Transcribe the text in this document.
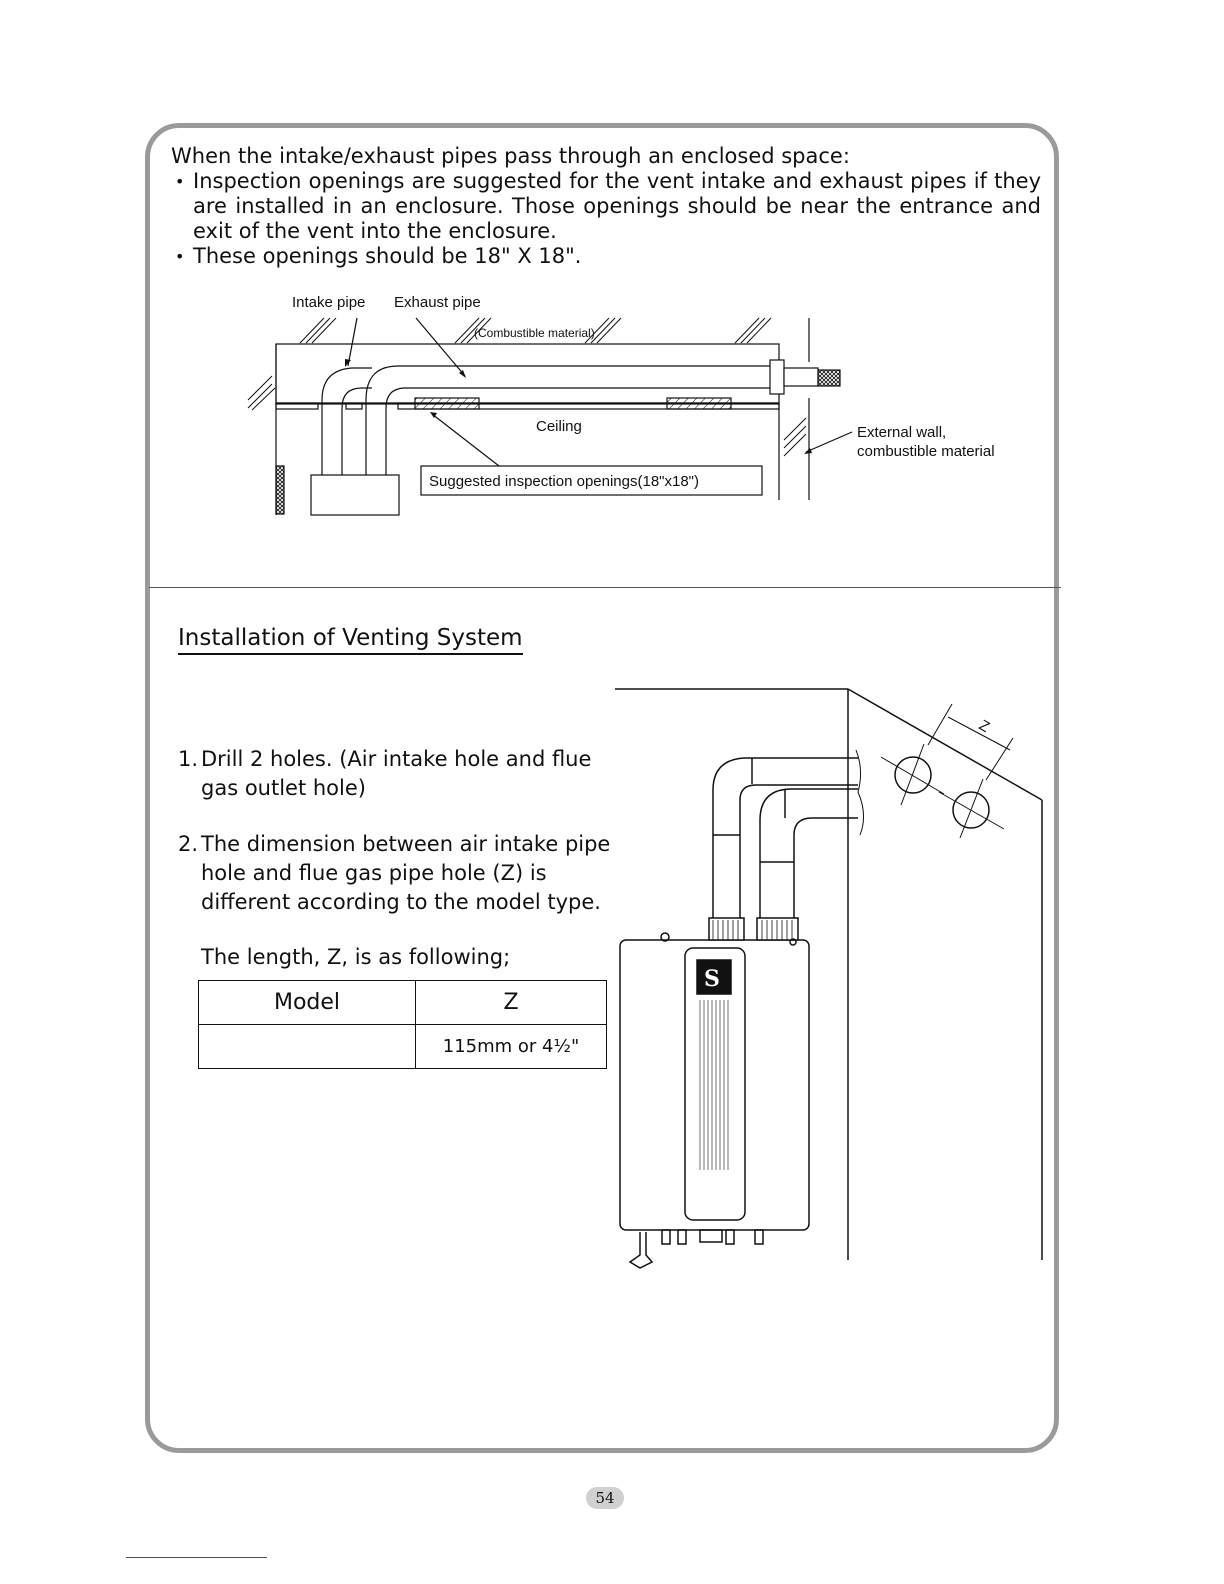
When the intake/exhaust pipes pass through an enclosed space:

• Inspection openings are suggested for the vent intake and exhaust pipes if they are installed in an enclosure. Those openings should be near the entrance and exit of the vent into the enclosure.
• These openings should be 18" X 18".
Intake pipe Exhaust pipe
(Combustible material)
Ceiling	External wall,
combustible material
Suggested inspection openings(18"x18")
Installation of Venting System
1. Drill 2 holes. (Air intake hole and flue gas outlet hole)
2. The dimension between air intake pipe hole and flue gas pipe hole (Z) is different according to the model type.
The length, Z, is as following;
Model	Z
	115mm or 4½"
S
Z
54
